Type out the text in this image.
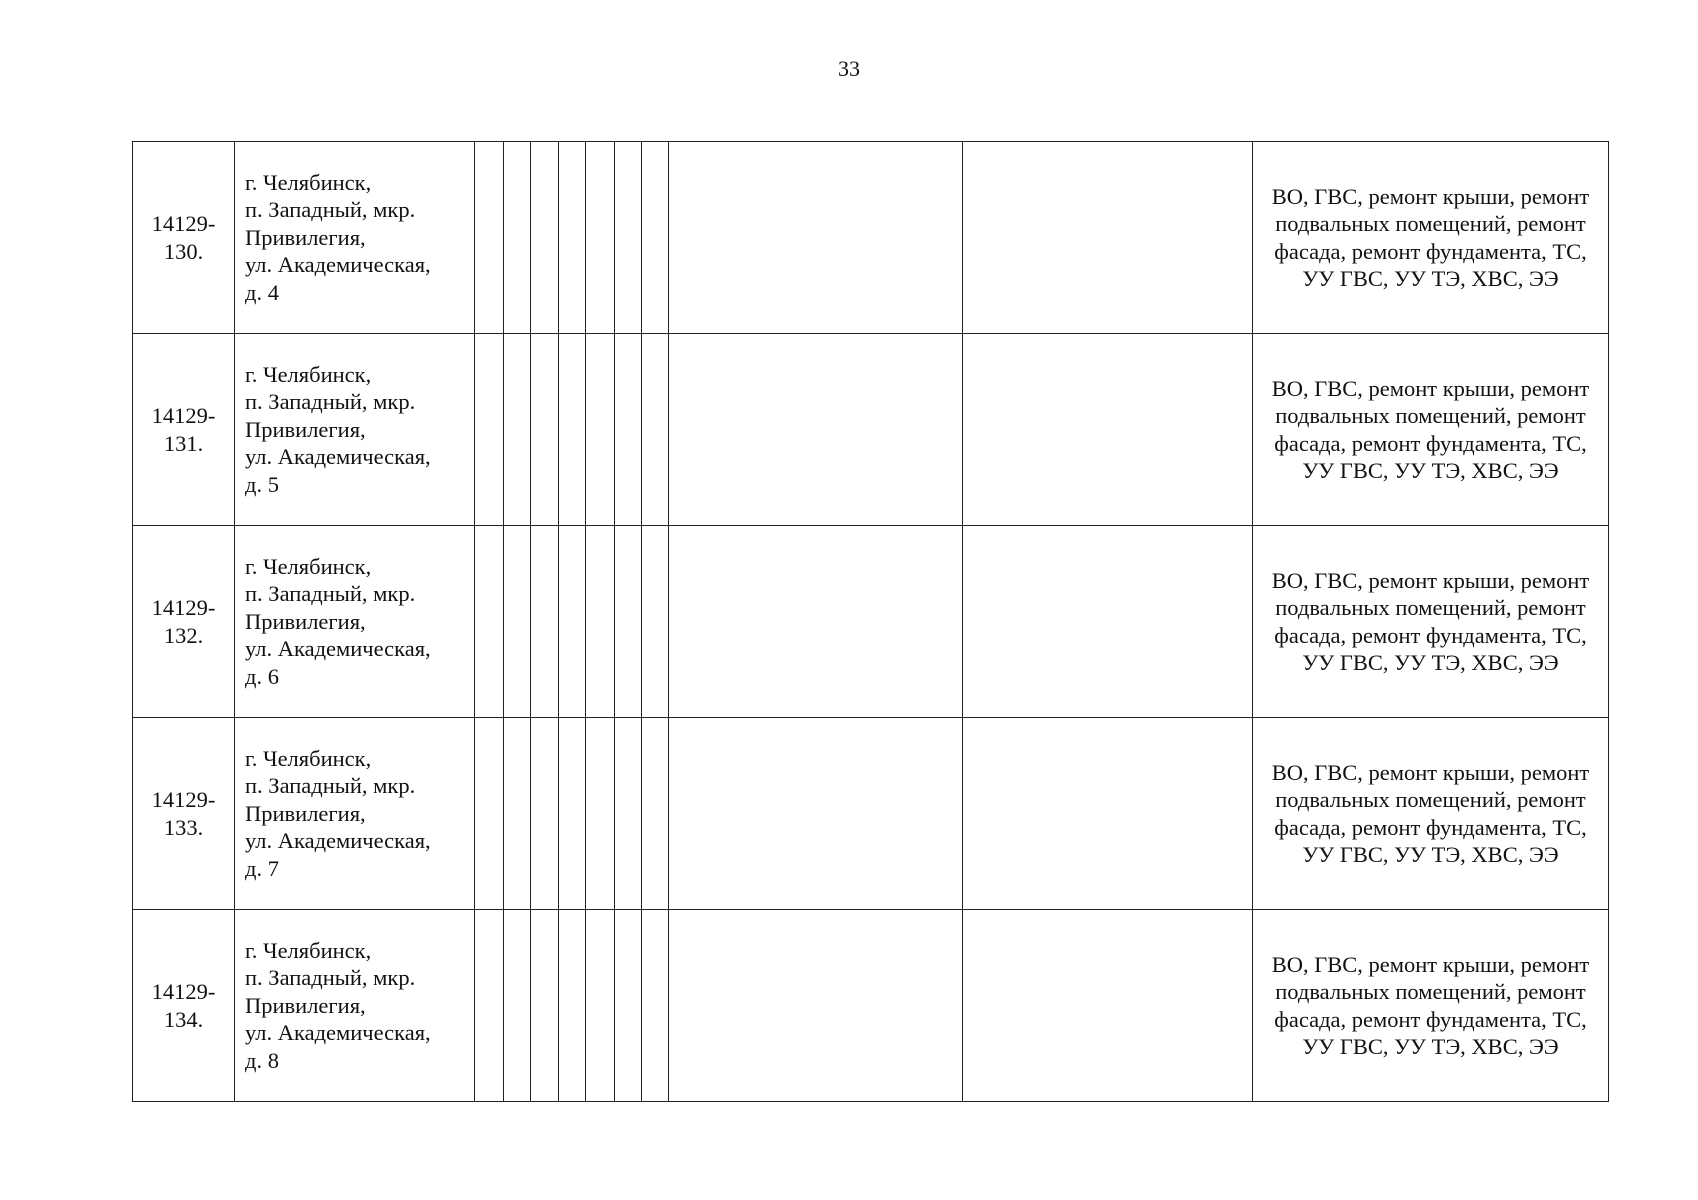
33
14129-130.	г. Челябинск,
п. Западный, мкр.
Привилегия,
ул. Академическая,
д. 4										ВО, ГВС, ремонт крыши, ремонт подвальных помещений, ремонт фасада, ремонт фундамента, ТС, УУ ГВС, УУ ТЭ, ХВС, ЭЭ
14129-131.	г. Челябинск,
п. Западный, мкр.
Привилегия,
ул. Академическая,
д. 5										ВО, ГВС, ремонт крыши, ремонт подвальных помещений, ремонт фасада, ремонт фундамента, ТС, УУ ГВС, УУ ТЭ, ХВС, ЭЭ
14129-132.	г. Челябинск,
п. Западный, мкр.
Привилегия,
ул. Академическая,
д. 6										ВО, ГВС, ремонт крыши, ремонт подвальных помещений, ремонт фасада, ремонт фундамента, ТС, УУ ГВС, УУ ТЭ, ХВС, ЭЭ
14129-133.	г. Челябинск,
п. Западный, мкр.
Привилегия,
ул. Академическая,
д. 7										ВО, ГВС, ремонт крыши, ремонт подвальных помещений, ремонт фасада, ремонт фундамента, ТС, УУ ГВС, УУ ТЭ, ХВС, ЭЭ
14129-134.	г. Челябинск,
п. Западный, мкр.
Привилегия,
ул. Академическая,
д. 8										ВО, ГВС, ремонт крыши, ремонт подвальных помещений, ремонт фасада, ремонт фундамента, ТС, УУ ГВС, УУ ТЭ, ХВС, ЭЭ
